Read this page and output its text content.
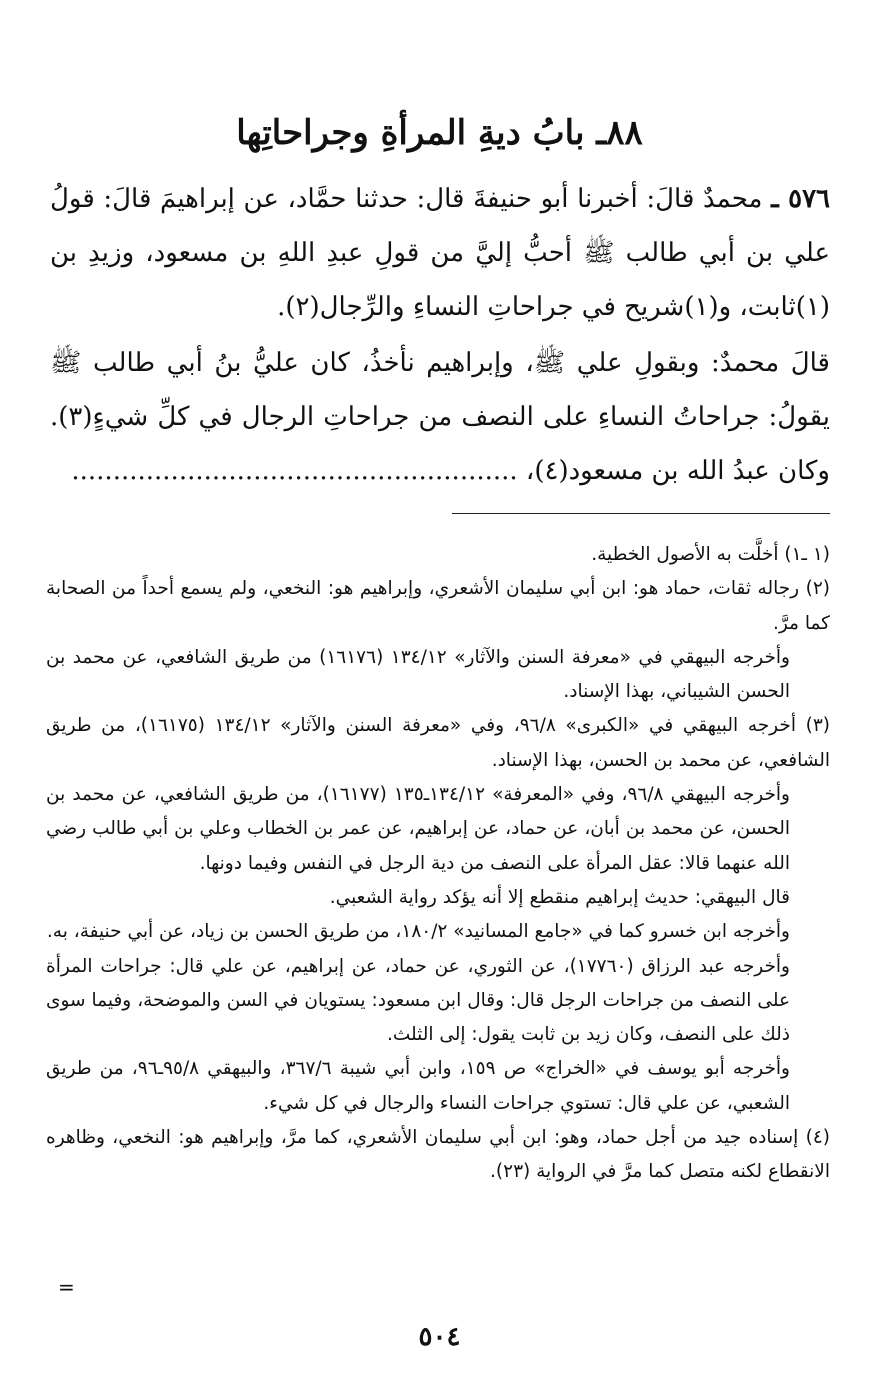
٨٨ـ بابُ ديةِ المرأةِ وجراحاتِها

٥٧٦ ـ محمدٌ قالَ: أخبرنا أبو حنيفةَ قال: حدثنا حمَّاد، عن إبراهيمَ قالَ: قولُ علي بن أبي طالب ﷺ أحبُّ إليَّ من قولِ عبدِ اللهِ بن مسعود، وزيدِ بن (١)ثابت، و(١)شريح في جراحاتِ النساءِ والرِّجال(٢).

قالَ محمدٌ: وبقولِ علي ﷺ، وإبراهيم نأخذُ، كان عليُّ بنُ أبي طالب ﷺ يقولُ: جراحاتُ النساءِ على النصف من جراحاتِ الرجال في كلِّ شيءٍ(٣). وكان عبدُ الله بن مسعود(٤)، ......................................................

(١ ـ١) أخلَّت به الأصول الخطية.

(٢) رجاله ثقات، حماد هو: ابن أبي سليمان الأشعري، وإبراهيم هو: النخعي، ولم يسمع أحداً من الصحابة كما مرَّ.

وأخرجه البيهقي في «معرفة السنن والآثار» ١٣٤/١٢ (١٦١٧٦) من طريق الشافعي، عن محمد بن الحسن الشيباني، بهذا الإسناد.

(٣) أخرجه البيهقي في «الكبرى» ٩٦/٨، وفي «معرفة السنن والآثار» ١٣٤/١٢ (١٦١٧٥)، من طريق الشافعي، عن محمد بن الحسن، بهذا الإسناد.

وأخرجه البيهقي ٩٦/٨، وفي «المعرفة» ١٣٤/١٢ـ١٣٥ (١٦١٧٧)، من طريق الشافعي، عن محمد بن الحسن، عن محمد بن أبان، عن حماد، عن إبراهيم، عن عمر بن الخطاب وعلي بن أبي طالب رضي الله عنهما قالا: عقل المرأة على النصف من دية الرجل في النفس وفيما دونها.

قال البيهقي: حديث إبراهيم منقطع إلا أنه يؤكد رواية الشعبي.

وأخرجه ابن خسرو كما في «جامع المسانيد» ١٨٠/٢، من طريق الحسن بن زياد، عن أبي حنيفة، به.

وأخرجه عبد الرزاق (١٧٧٦٠)، عن الثوري، عن حماد، عن إبراهيم، عن علي قال: جراحات المرأة على النصف من جراحات الرجل قال: وقال ابن مسعود: يستويان في السن والموضحة، وفيما سوى ذلك على النصف، وكان زيد بن ثابت يقول: إلى الثلث.

وأخرجه أبو يوسف في «الخراج» ص ١٥٩، وابن أبي شيبة ٣٦٧/٦، والبيهقي ٩٥/٨ـ٩٦، من طريق الشعبي، عن علي قال: تستوي جراحات النساء والرجال في كل شيء.

(٤) إسناده جيد من أجل حماد، وهو: ابن أبي سليمان الأشعري، كما مرَّ، وإبراهيم هو: النخعي، وظاهره الانقطاع لكنه متصل كما مرَّ في الرواية (٢٣).

=
٥٠٤
